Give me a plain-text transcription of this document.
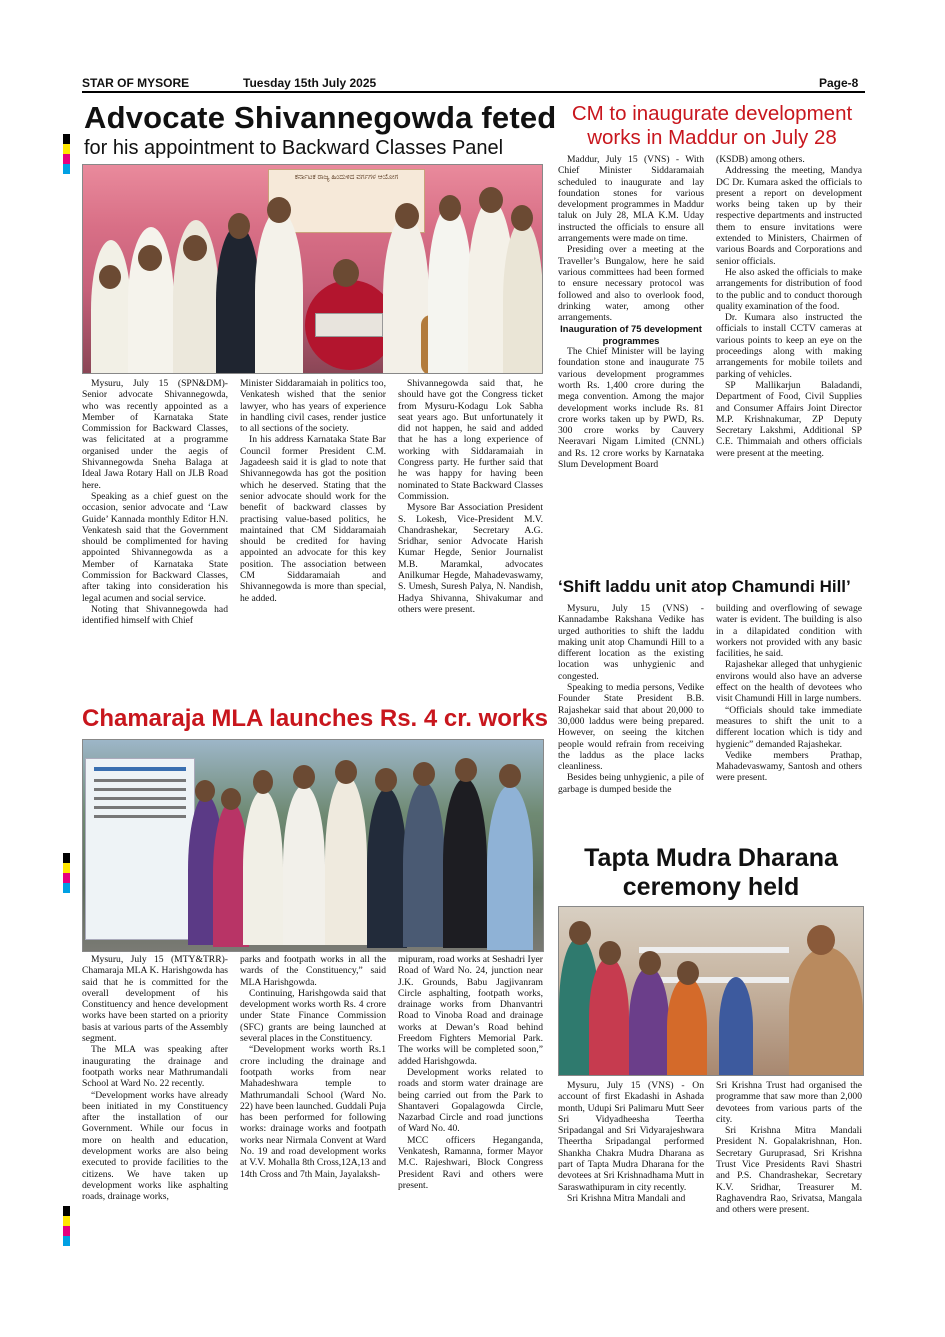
STAR OF MYSORE	Tuesday 15th July 2025	Page-8
Advocate Shivannegowda feted
for his appointment to Backward Classes Panel
ಕರ್ನಾಟಕ ರಾಜ್ಯ ಹಿಂದುಳಿದ ವರ್ಗಗಳ ಆಯೋಗ

Mysuru, July 15 (SPN&DM)- Senior advocate Shivannegowda, who was recently appointed as a Member of Karnataka State Commission for Backward Classes, was felicitated at a programme organised under the aegis of Shivannegowda Sneha Balaga at Ideal Jawa Rotary Hall on JLB Road here.

Speaking as a chief guest on the occasion, senior advocate and ‘Law Guide’ Kannada monthly Editor H.N. Venkatesh said that the Government should be complimented for having appointed Shivannegowda as a Member of Karnataka State Commission for Backward Classes, after taking into consideration his legal acumen and social service.

Noting that Shivannegowda had identified himself with Chief

Minister Siddaramaiah in politics too, Venkatesh wished that the senior lawyer, who has years of experience in handling civil cases, render justice to all sections of the society.

In his address Karnataka State Bar Council former President C.M. Jagadeesh said it is glad to note that Shivannegowda has got the position which he deserved. Stating that the senior advocate should work for the benefit of backward classes by practising value-based politics, he maintained that CM Siddaramaiah should be credited for having appointed an advocate for this key position. The association between CM Siddaramaiah and Shivannegowda is more than special, he added.

Shivannegowda said that, he should have got the Congress ticket from Mysuru-Kodagu Lok Sabha seat years ago. But unfortunately it did not happen, he said and added that he has a long experience of working with Siddaramaiah in Congress party. He further said that he was happy for having been nominated to State Backward Classes Commission.

Mysore Bar Association President S. Lokesh, Vice-President M.V. Chandrashekar, Secretary A.G. Sridhar, senior Advocate Harish Kumar Hegde, Senior Journalist M.B. Maramkal, advocates Anilkumar Hegde, Mahadevaswamy, S. Umesh, Suresh Palya, N. Nandish, Hadya Shivanna, Shivakumar and others were present.

CM to inaugurate development works in Maddur on July 28

Maddur, July 15 (VNS) - With Chief Minister Siddaramaiah scheduled to inaugurate and lay foundation stones for various development programmes in Maddur taluk on July 28, MLA K.M. Uday instructed the officials to ensure all arrangements were made on time.

Presiding over a meeting at the Traveller’s Bungalow, here he said various committees had been formed to ensure necessary protocol was followed and also to overlook food, drinking water, among other arrangements.

Inauguration of 75 development programmes

The Chief Minister will be laying foundation stone and inaugurate 75 various development programmes worth Rs. 1,400 crore during the mega convention. Among the major development works include Rs. 81 crore works taken up by PWD, Rs. 300 crore works by Cauvery Neeravari Nigam Limited (CNNL) and Rs. 12 crore works by Karnataka Slum Development Board

(KSDB) among others.

Addressing the meeting, Mandya DC Dr. Kumara asked the officials to present a report on development works being taken up by their respective departments and instructed them to ensure invitations were extended to Ministers, Chairmen of various Boards and Corporations and senior officials.

He also asked the officials to make arrangements for distribution of food to the public and to conduct thorough quality examination of the food.

Dr. Kumara also instructed the officials to install CCTV cameras at various points to keep an eye on the proceedings along with making arrangements for mobile toilets and parking of vehicles.

SP Mallikarjun Baladandi, Department of Food, Civil Supplies and Consumer Affairs Joint Director M.P. Krishnakumar, ZP Deputy Secretary Lakshmi, Additional SP C.E. Thimmaiah and others officials were present at the meeting.

‘Shift laddu unit atop Chamundi Hill’

Mysuru, July 15 (VNS) - Kannadambe Rakshana Vedike has urged authorities to shift the laddu making unit atop Chamundi Hill to a different location as the existing location was unhygienic and congested.

Speaking to media persons, Vedike Founder State President B.B. Rajashekar said that about 20,000 to 30,000 laddus were being prepared. However, on seeing the kitchen people would refrain from receiving the laddus as the place lacks cleanliness.

Besides being unhygienic, a pile of garbage is dumped beside the

building and overflowing of sewage water is evident. The building is also in a dilapidated condition with workers not provided with any basic facilities, he said.

Rajashekar alleged that unhygienic environs would also have an adverse effect on the health of devotees who visit Chamundi Hill in large numbers.

“Officials should take immediate measures to shift the unit to a different location which is tidy and hygienic” demanded Rajashekar.

Vedike members Prathap, Mahadevaswamy, Santosh and others were present.

Chamaraja MLA launches Rs. 4 cr. works

Mysuru, July 15 (MTY&TRR)- Chamaraja MLA K. Harishgowda has said that he is committed for the overall development of his Constituency and hence development works have been started on a priority basis at various parts of the Assembly segment.

The MLA was speaking after inaugurating the drainage and footpath works near Mathrumandali School at Ward No. 22 recently.

“Development works have already been initiated in my Constituency after the installation of our Government. While our focus in more on health and education, development works are also being executed to provide facilities to the citizens. We have taken up development works like asphalting roads, drainage works,

parks and footpath works in all the wards of the Constituency,” said MLA Harishgowda.

Continuing, Harishgowda said that development works worth Rs. 4 crore under State Finance Commission (SFC) grants are being launched at several places in the Constituency.

“Development works worth Rs.1 crore including the drainage and footpath works from near Mahadeshwara temple to Mathrumandali School (Ward No. 22) have been launched. Guddali Puja has been performed for following works: drainage works and footpath works near Nirmala Convent at Ward No. 19 and road development works at V.V. Mohalla 8th Cross,12A,13 and 14th Cross and 7th Main, Jayalaksh-

mipuram, road works at Seshadri Iyer Road of Ward No. 24, junction near J.K. Grounds, Babu Jagjivanram Circle asphalting, footpath works, drainage works from Dhanvantri Road to Vinoba Road and drainage works at Dewan’s Road behind Freedom Fighters Memorial Park. The works will be completed soon,” added Harishgowda.

Development works related to roads and storm water drainage are being carried out from the Park to Shantaveri Gopalagowda Circle, Nazarbad Circle and road junctions of Ward No. 40.

MCC officers Heganganda, Venkatesh, Ramanna, former Mayor M.C. Rajeshwari, Block Congress President Ravi and others were present.

Tapta Mudra Dharana
ceremony held

Mysuru, July 15 (VNS) - On account of first Ekadashi in Ashada month, Udupi Sri Palimaru Mutt Seer Sri Vidyadheesha Teertha Sripadangal and Sri Vidyarajeshwara Theertha Sripadangal performed Shankha Chakra Mudra Dharana as part of Tapta Mudra Dharana for the devotees at Sri Krishnadhama Mutt in Saraswathipuram in city recently.

Sri Krishna Mitra Mandali and

Sri Krishna Trust had organised the programme that saw more than 2,000 devotees from various parts of the city.

Sri Krishna Mitra Mandali President N. Gopalakrishnan, Hon. Secretary Guruprasad, Sri Krishna Trust Vice Presidents Ravi Shastri and P.S. Chandrashekar, Secretary K.V. Sridhar, Treasurer M. Raghavendra Rao, Srivatsa, Mangala and others were present.
